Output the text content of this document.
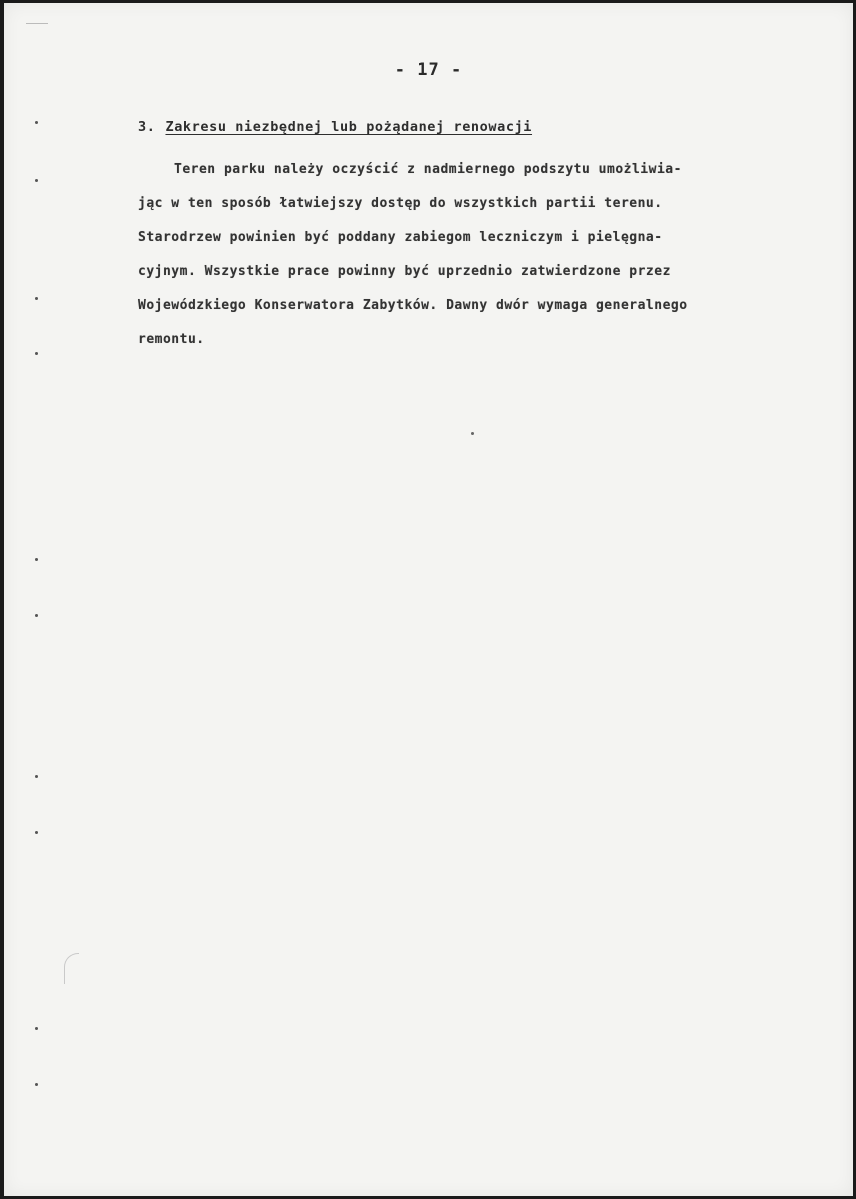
- 17 -
3. Zakresu niezbędnej lub pożądanej renowacji
Teren parku należy oczyścić z nadmiernego podszytu umożliwia-
jąc w ten sposób łatwiejszy dostęp do wszystkich partii terenu.
Starodrzew powinien być poddany zabiegom leczniczym i pielęgna-
cyjnym. Wszystkie prace powinny być uprzednio zatwierdzone przez
Wojewódzkiego Konserwatora Zabytków. Dawny dwór wymaga generalnego
remontu.
